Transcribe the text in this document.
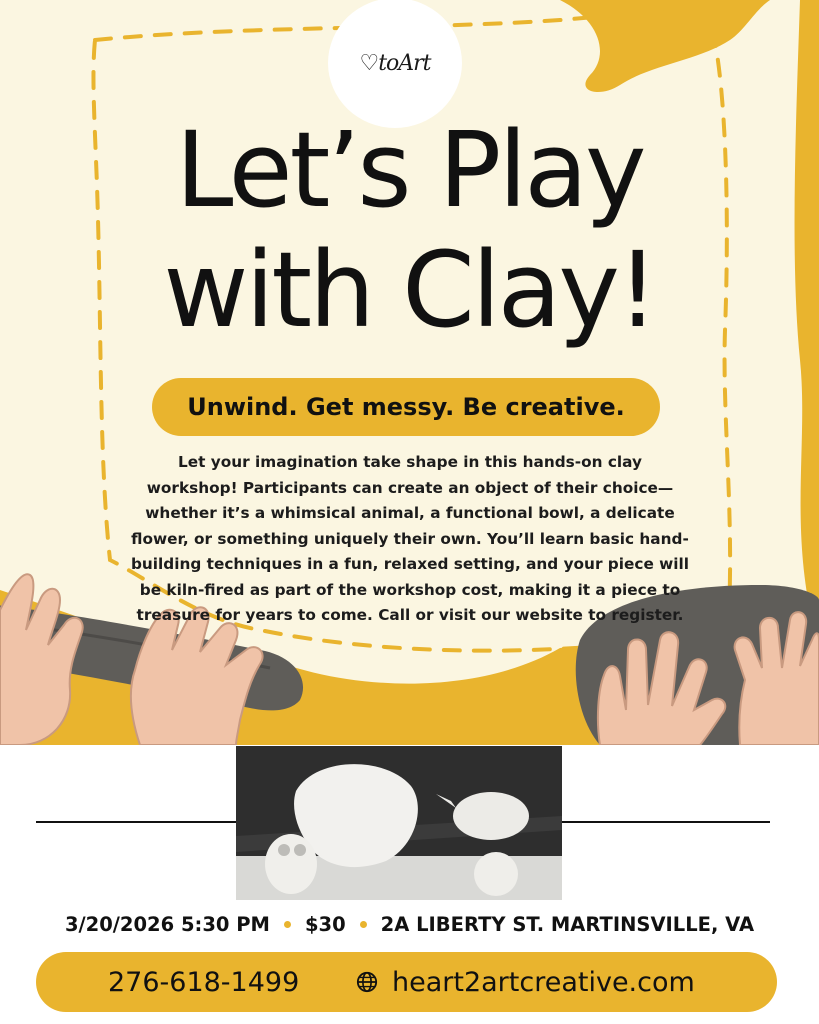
♡toArt
Let’s Play
with Clay!
Unwind. Get messy. Be creative.
Let your imagination take shape in this hands-on clay workshop! Participants can create an object of their choice—whether it’s a whimsical animal, a functional bowl, a delicate flower, or something uniquely their own. You’ll learn basic hand-building techniques in a fun, relaxed setting, and your piece will be kiln-fired as part of the workshop cost, making it a piece to treasure for years to come. Call or visit our website to register.
3/20/2026 5:30 PM $30 2A LIBERTY ST. MARTINSVILLE, VA
276-618-1499	heart2artcreative.com
